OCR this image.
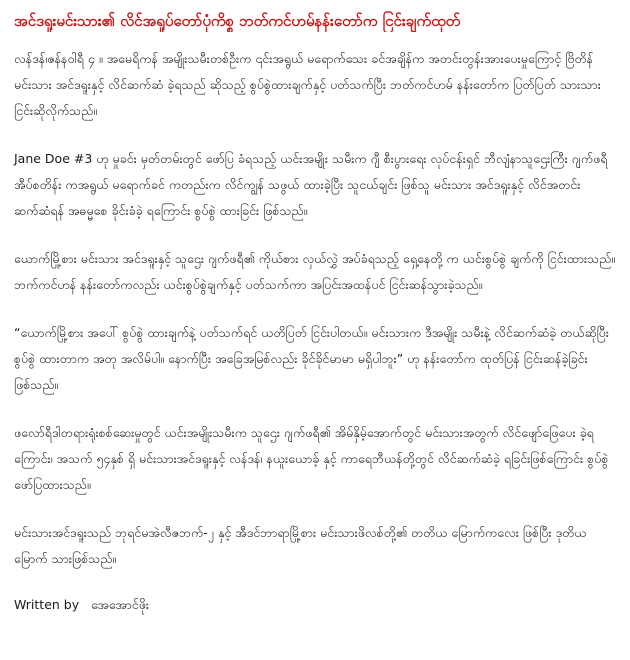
အင်ဒရူးမင်းသား၏ လိင်အရှုပ်တော်ပုံကိစ္စ ဘတ်ကင်ဟမ်နန်းတော်က ငြင်းချက်ထုတ်
လန်ဒန်၊ဇန်နဝါရီ ၄ ။ အမေရိကန် အမျိုးသမီးတစ်ဦးက ၎င်းအရွယ် မရောက်သေး ခင်အချိန်က အတင်းတွန်းအားပေးမှုကြောင့် ဗြိတိန်မင်းသား အင်ဒရူးနှင့် လိင်ဆက်ဆံ ခဲ့ရသည် ဆိုသည့် စွပ်စွဲထားချက်နှင့် ပတ်သက်ပြီး ဘတ်ကင်ဟမ် နန်းတော်က ပြတ်ပြတ် သားသား ငြင်းဆိုလိုက်သည်။
Jane Doe #3 ဟု မှုခင်း မှတ်တမ်းတွင် ဖော်ပြ ခံရသည့် ယင်းအမျိုး သမီးက ဂျီ စီးပွားရေး လုပ်ငန်းရှင် ဘီလျံနာသူဌေးကြီး ဂျက်ဖရီ အီပ်စတိန်း ကအရွယ် မရောက်ခင် ကတည်းက လိင်ကျွန် သဖွယ် ထားခဲ့ပြီး သူငယ်ချင်း ဖြစ်သူ မင်းသား အင်ဒရူးနှင့် လိင်အတင်း ဆက်ဆံရန် အဓမ္မစေ ခိုင်းခံခဲ့ ရကြောင်း စွပ်စွဲ ထားခြင်း ဖြစ်သည်။
ယောက်မြို့စား မင်းသား အင်ဒရူးနှင့် သူဌေး ဂျက်ဖရီ၏ ကိုယ်စား လှယ်လွှဲ အပ်ခံရသည့် ရှေ့နေတို့ က ယင်းစွပ်စွဲ ချက်ကို ငြင်းထားသည်။ ဘက်ကင်ဟန် နန်းတော်ကလည်း ယင်းစွပ်စွဲချက်နှင့် ပတ်သက်ကာ အပြင်းအထန်ပင် ငြင်းဆန်သွားခဲ့သည်။
“ယောက်မြို့စား အပေါ် စွပ်စွဲ ထားချက်နဲ့ ပတ်သက်ရင် ယတိပြတ် ငြင်းပါတယ်။ မင်းသားက ဒီအမျိုး သမီးနဲ့ လိင်ဆက်ဆံခဲ့ တယ်ဆိုပြီး စွပ်စွဲ ထားတာက အတု အလိမ်ပါ။ နောက်ပြီး အခြေအမြစ်လည်း ခိုင်ခိုင်မာမာ မရှိပါဘူး” ဟု နန်းတော်က ထုတ်ပြန် ငြင်းဆန်ခဲ့ခြင်း ဖြစ်သည်။
ဖလော်ရီဒါတရားရုံးစစ်ဆေးမှုတွင် ယင်းအမျိုးသမီးက သူဌေး ဂျက်ဖရီ၏ အိမ်နှိမ့်အောက်တွင် မင်းသားအတွက် လိင်ဖျော်ဖြေပေး ခဲ့ရကြောင်း၊ အသက် ၅၄နှစ် ရှိ မင်းသားအင်ဒရူးနှင့် လန်ဒန်၊ နယူးယောခ့် နှင့် ကာရေဘီယန်တို့တွင် လိင်ဆက်ဆံခဲ့ ရခြင်းဖြစ်ကြောင်း စွပ်စွဲဖော်ပြထားသည်။
မင်းသားအင်ဒရူးသည် ဘုရင်မအဲလီဇဘက်-၂ နှင့် အီဒင်ဘာရာမြို့စား မင်းသားဖိလစ်တို့၏ တတိယ မြောက်ကလေး ဖြစ်ပြီး ဒုတိယမြောက် သားဖြစ်သည်။
Written by အေအောင်ဖိုး
